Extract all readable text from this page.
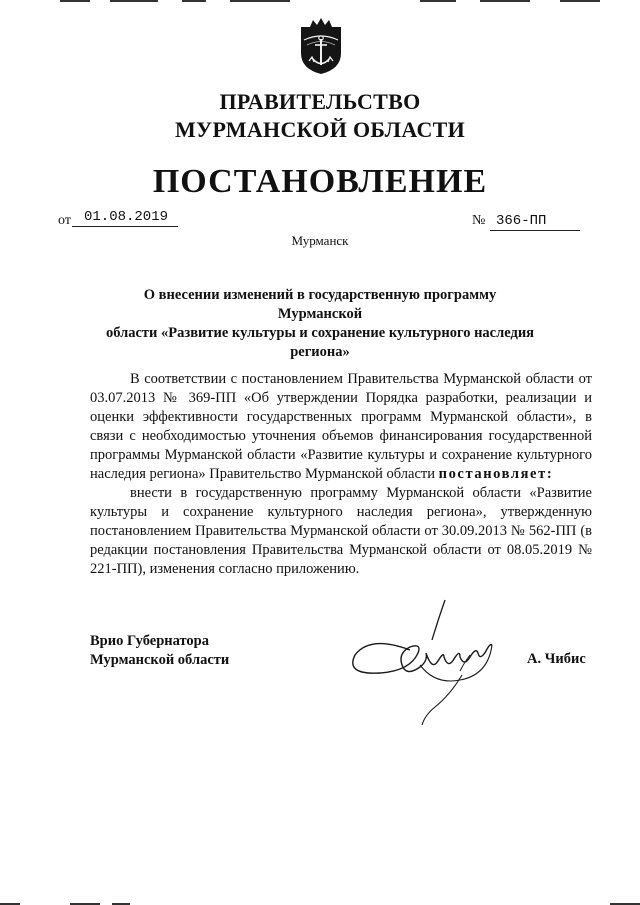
ПРАВИТЕЛЬСТВО
МУРМАНСКОЙ ОБЛАСТИ
ПОСТАНОВЛЕНИЕ
от 01.08.2019	№ 366-ПП
Мурманск
О внесении изменений в государственную программу Мурманской
области «Развитие культуры и сохранение культурного наследия
региона»

В соответствии с постановлением Правительства Мурманской области от 03.07.2013 № 369-ПП «Об утверждении Порядка разработки, реализации и оценки эффективности государственных программ Мурманской области», в связи с необходимостью уточнения объемов финансирования государственной программы Мурманской области «Развитие культуры и сохранение культурного наследия региона» Правительство Мурманской области постановляет:

внести в государственную программу Мурманской области «Развитие культуры и сохранение культурного наследия региона», утвержденную постановлением Правительства Мурманской области от 30.09.2013 № 562-ПП (в редакции постановления Правительства Мурманской области от 08.05.2019 № 221-ПП), изменения согласно приложению.

Врио Губернатора
Мурманской области	А. Чибис
